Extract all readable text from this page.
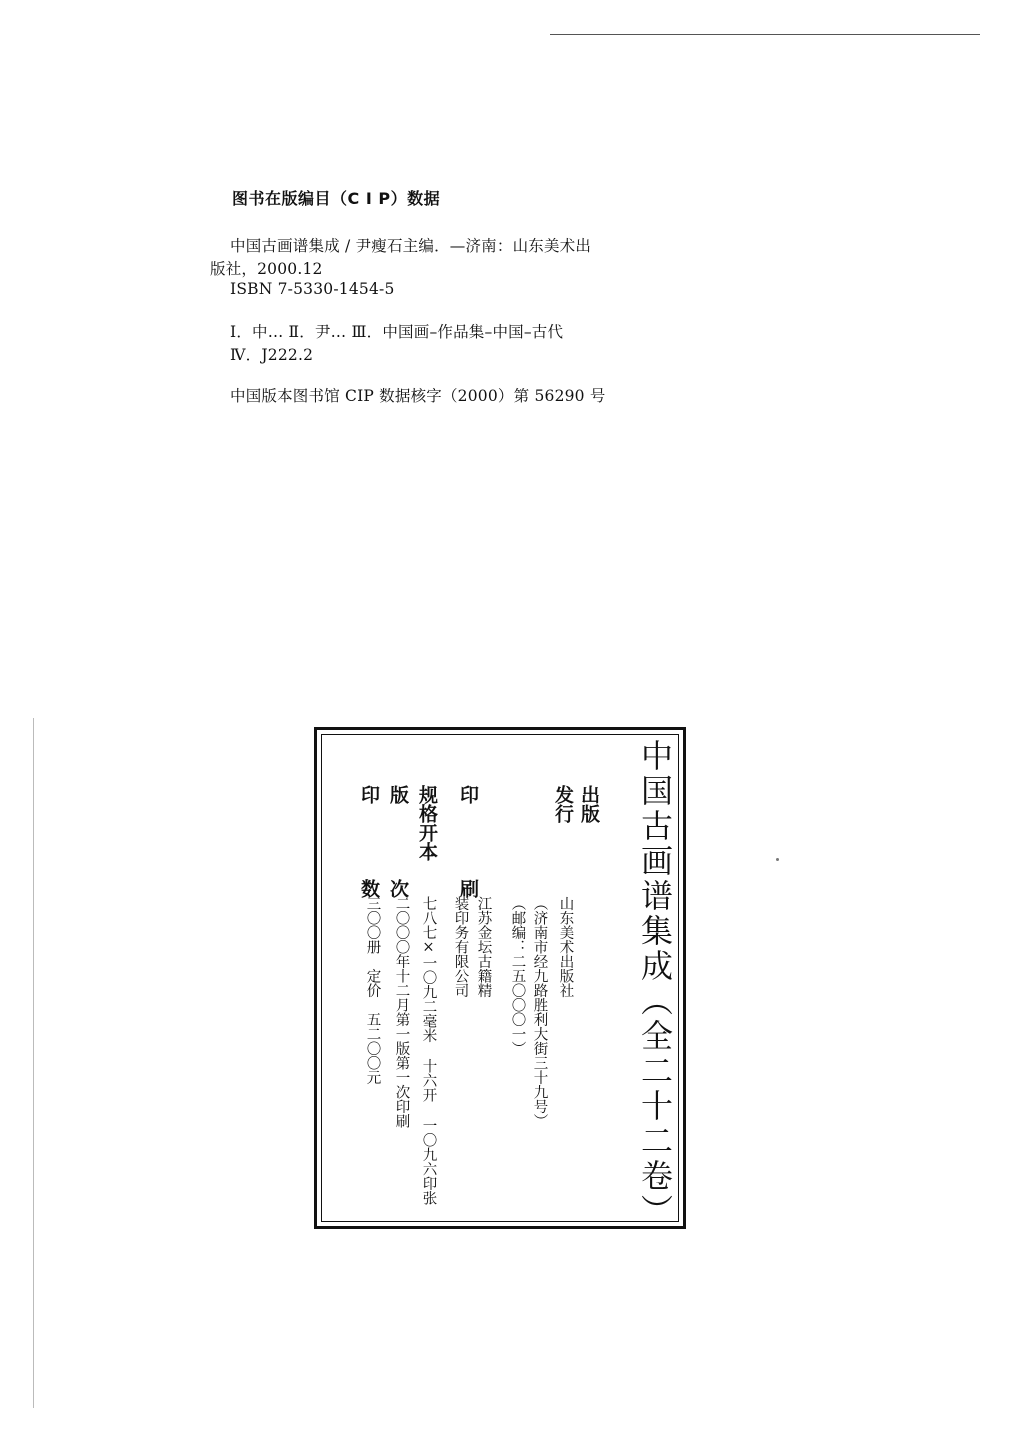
图书在版编目（C I P）数据
中国古画谱集成 / 尹瘦石主编．—济南：山东美术出
版社，2000.12
ISBN 7-5330-1454-5
Ⅰ．中… Ⅱ．尹… Ⅲ．中国画–作品集–中国–古代
Ⅳ．J222.2
中国版本图书馆 CIP 数据核字（2000）第 56290 号
中国古画谱集成（全二十二卷）
出版
发行
山东美术出版社
（济南市经九路胜利大街三十九号）
（邮编：二五〇〇〇一）
印　刷
江苏金坛古籍精
装印务有限公司
规格开本
七八七×一〇九二毫米 十六开 一〇九六印张
版　次
二〇〇〇年十二月第一版第一次印刷
印　数
三〇〇册　定价　五二〇〇元
